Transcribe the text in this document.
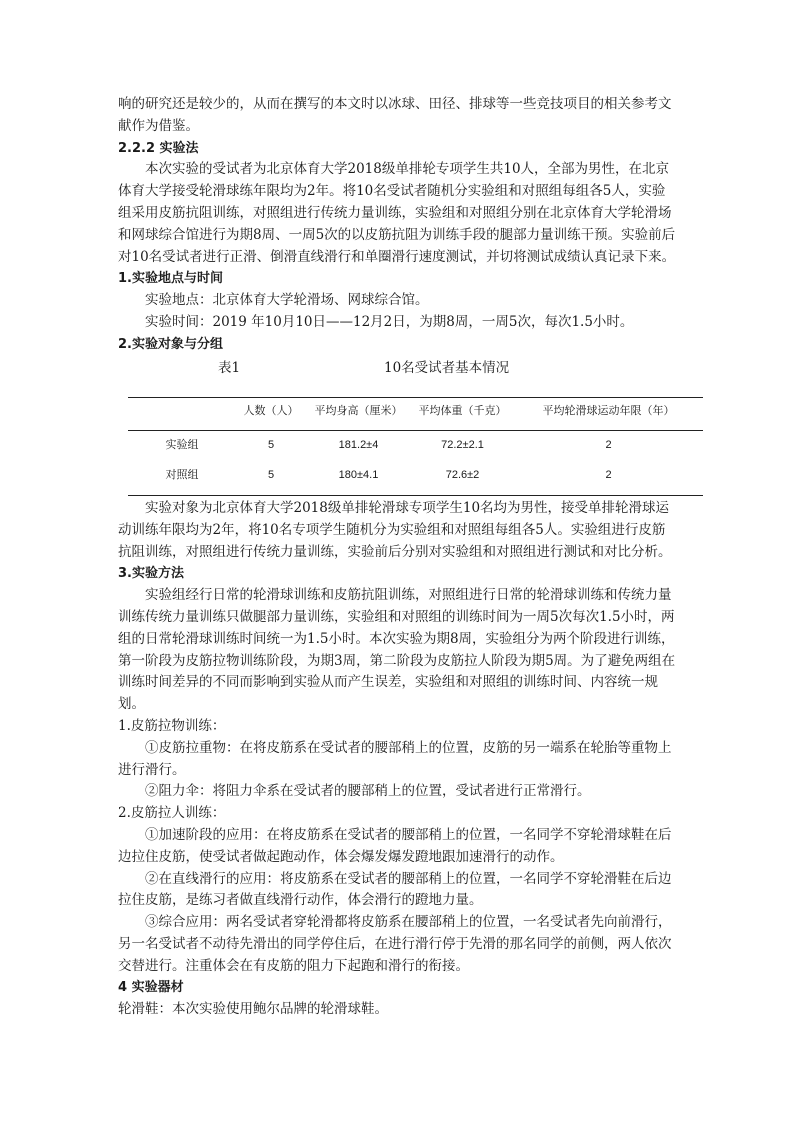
响的研究还是较少的，从而在撰写的本文时以冰球、田径、排球等一些竞技项目的相关参考文献作为借鉴。

2.2.2 实验法

本次实验的受试者为北京体育大学2018级单排轮专项学生共10人，全部为男性，在北京体育大学接受轮滑球练年限均为2年。将10名受试者随机分实验组和对照组每组各5人，实验组采用皮筋抗阻训练，对照组进行传统力量训练，实验组和对照组分别在北京体育大学轮滑场和网球综合馆进行为期8周、一周5次的以皮筋抗阻为训练手段的腿部力量训练干预。实验前后对10名受试者进行正滑、倒滑直线滑行和单圈滑行速度测试，并切将测试成绩认真记录下来。

1.实验地点与时间

实验地点：北京体育大学轮滑场、网球综合馆。

实验时间：2019 年10月10日——12月2日，为期8周，一周5次，每次1.5小时。

2.实验对象与分组

表1	10名受试者基本情况
	人数（人）	平均身高（厘米）	平均体重（千克）	平均轮滑球运动年限（年）
实验组	5	181.2±4	72.2±2.1	2
对照组	5	180±4.1	72.6±2	2

实验对象为北京体育大学2018级单排轮滑球专项学生10名均为男性，接受单排轮滑球运动训练年限均为2年，将10名专项学生随机分为实验组和对照组每组各5人。实验组进行皮筋抗阻训练，对照组进行传统力量训练，实验前后分别对实验组和对照组进行测试和对比分析。

3.实验方法

实验组经行日常的轮滑球训练和皮筋抗阻训练，对照组进行日常的轮滑球训练和传统力量训练传统力量训练只做腿部力量训练，实验组和对照组的训练时间为一周5次每次1.5小时，两组的日常轮滑球训练时间统一为1.5小时。本次实验为期8周，实验组分为两个阶段进行训练，第一阶段为皮筋拉物训练阶段，为期3周，第二阶段为皮筋拉人阶段为期5周。为了避免两组在训练时间差异的不同而影响到实验从而产生误差，实验组和对照组的训练时间、内容统一规划。

1.皮筋拉物训练：

①皮筋拉重物：在将皮筋系在受试者的腰部稍上的位置，皮筋的另一端系在轮胎等重物上进行滑行。

②阻力伞：将阻力伞系在受试者的腰部稍上的位置，受试者进行正常滑行。

2.皮筋拉人训练：

①加速阶段的应用：在将皮筋系在受试者的腰部稍上的位置，一名同学不穿轮滑球鞋在后边拉住皮筋，使受试者做起跑动作，体会爆发爆发蹬地跟加速滑行的动作。

②在直线滑行的应用：将皮筋系在受试者的腰部稍上的位置，一名同学不穿轮滑鞋在后边拉住皮筋，是练习者做直线滑行动作，体会滑行的蹬地力量。

③综合应用：两名受试者穿轮滑都将皮筋系在腰部稍上的位置，一名受试者先向前滑行，另一名受试者不动待先滑出的同学停住后，在进行滑行停于先滑的那名同学的前侧，两人依次交替进行。注重体会在有皮筋的阻力下起跑和滑行的衔接。

4 实验器材

轮滑鞋：本次实验使用鲍尔品牌的轮滑球鞋。
